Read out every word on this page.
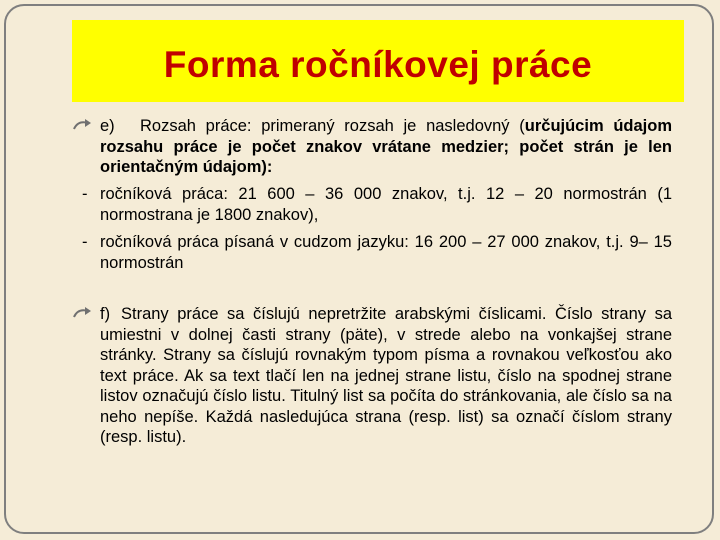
Forma ročníkovej práce
e)	Rozsah práce: primeraný rozsah je nasledovný (určujúcim údajom rozsahu práce je počet znakov vrátane medzier; počet strán je len orientačným údajom):

- ročníková práca: 21 600 – 36 000 znakov, t.j. 12 – 20 normostrán (1 normostrana je 1800 znakov),

- ročníková práca písaná v cudzom jazyku: 16 200 – 27 000 znakov, t.j. 9– 15 normostrán

f) Strany práce sa číslujú nepretržite arabskými číslicami. Číslo strany sa umiestni v dolnej časti strany (päte), v strede alebo na vonkajšej strane stránky. Strany sa číslujú rovnakým typom písma a rovnakou veľkosťou ako text práce. Ak sa text tlačí len na jednej strane listu, číslo na spodnej strane listov označujú číslo listu. Titulný list sa počíta do stránkovania, ale číslo sa na neho nepíše. Každá nasledujúca strana (resp. list) sa označí číslom strany (resp. listu).
